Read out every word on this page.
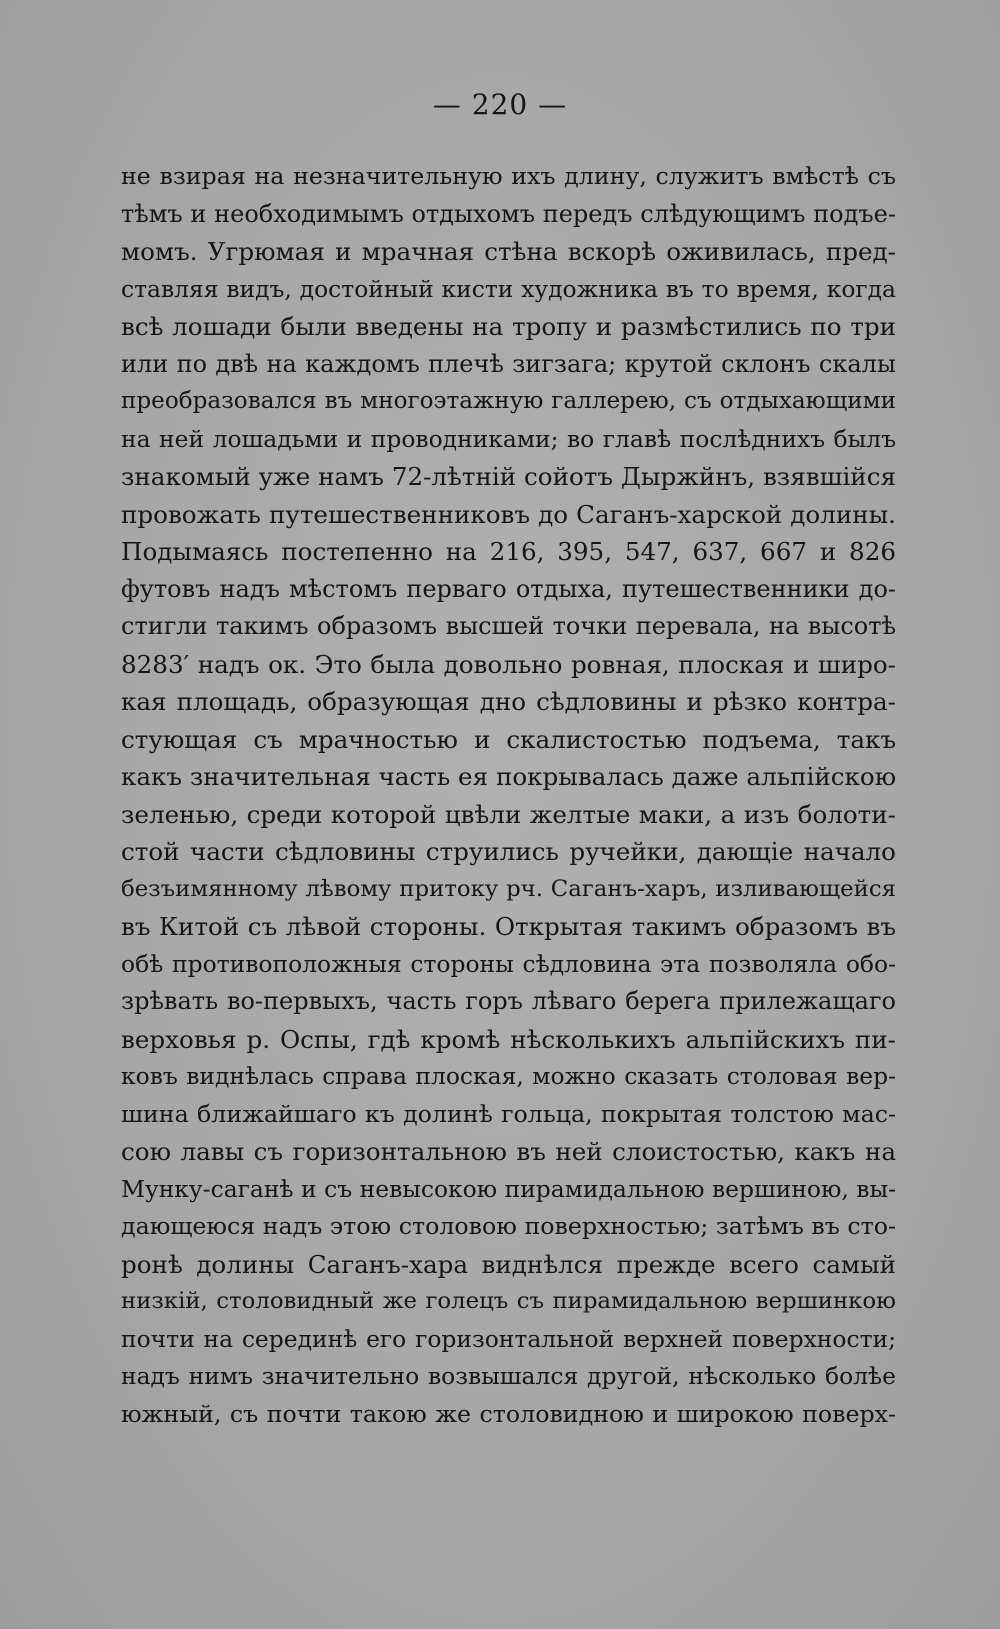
— 220 —
не взирая на незначительную ихъ длину, служитъ вмѣстѣ съ
тѣмъ и необходимымъ отдыхомъ передъ слѣдующимъ подъе-
момъ. Угрюмая и мрачная стѣна вскорѣ оживилась, пред-
ставляя видъ, достойный кисти художника въ то время, когда
всѣ лошади были введены на тропу и размѣстились по три
или по двѣ на каждомъ плечѣ зигзага; крутой склонъ скалы
преобразовался въ многоэтажную галлерею, съ отдыхающими
на ней лошадьми и проводниками; во главѣ послѣднихъ былъ
знакомый уже намъ 72-лѣтній сойотъ Дыржйнъ, взявшійся
провожать путешественниковъ до Саганъ-харской долины.
Подымаясь постепенно на 216, 395, 547, 637, 667 и 826
футовъ надъ мѣстомъ перваго отдыха, путешественники до-
стигли такимъ образомъ высшей точки перевала, на высотѣ
8283′ надъ ок. Это была довольно ровная, плоская и широ-
кая площадь, образующая дно сѣдловины и рѣзко контра-
стующая съ мрачностью и скалистостью подъема, такъ
какъ значительная часть ея покрывалась даже альпійскою
зеленью, среди которой цвѣли желтые маки, а изъ болоти-
стой части сѣдловины струились ручейки, дающіе начало
безъимянному лѣвому притоку рч. Саганъ-харъ, изливающейся
въ Китой съ лѣвой стороны. Открытая такимъ образомъ въ
обѣ противоположныя стороны сѣдловина эта позволяла обо-
зрѣвать во-первыхъ, часть горъ лѣваго берега прилежащаго
верховья р. Оспы, гдѣ кромѣ нѣсколькихъ альпійскихъ пи-
ковъ виднѣлась справа плоская, можно сказать столовая вер-
шина ближайшаго къ долинѣ гольца, покрытая толстою мас-
сою лавы съ горизонтальною въ ней слоистостью, какъ на
Мунку-саганѣ и съ невысокою пирамидальною вершиною, вы-
дающеюся надъ этою столовою поверхностью; затѣмъ въ сто-
ронѣ долины Саганъ-хара виднѣлся прежде всего самый
низкій, столовидный же голецъ съ пирамидальною вершинкою
почти на серединѣ его горизонтальной верхней поверхности;
надъ нимъ значительно возвышался другой, нѣсколько болѣе
южный, съ почти такою же столовидною и широкою поверх-
